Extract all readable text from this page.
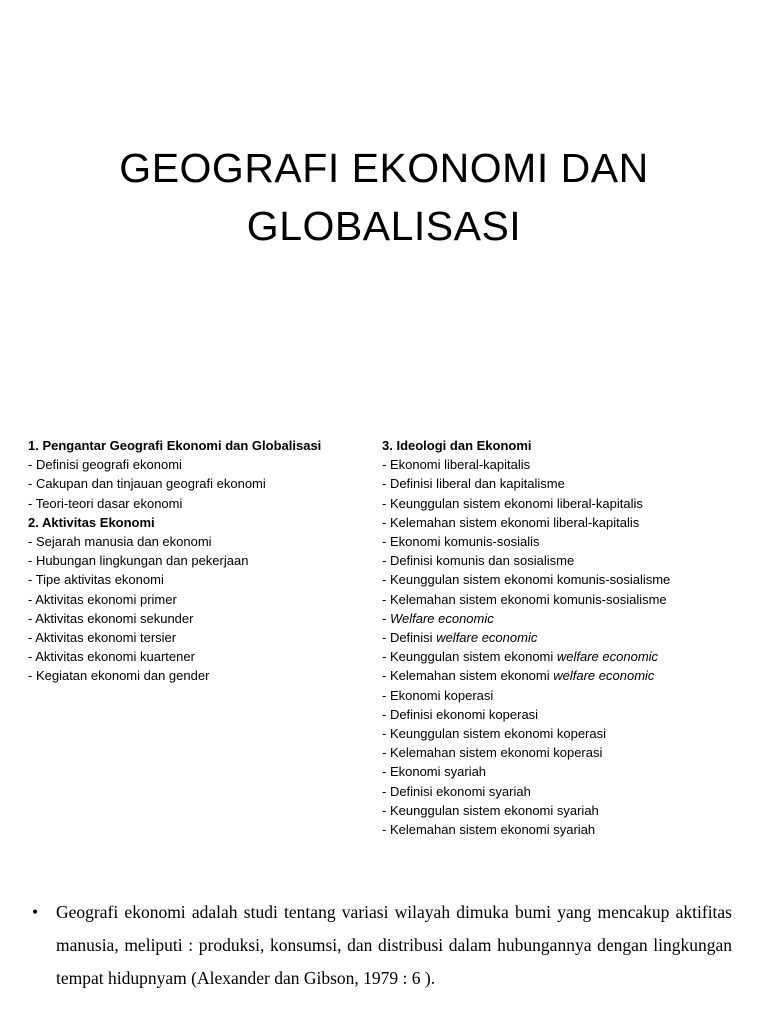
GEOGRAFI EKONOMI DAN
GLOBALISASI
1. Pengantar Geografi Ekonomi dan Globalisasi
- Definisi geografi ekonomi
- Cakupan dan tinjauan geografi ekonomi
- Teori-teori dasar ekonomi
2. Aktivitas Ekonomi
- Sejarah manusia dan ekonomi
- Hubungan lingkungan dan pekerjaan
- Tipe aktivitas ekonomi
- Aktivitas ekonomi primer
- Aktivitas ekonomi sekunder
- Aktivitas ekonomi tersier
- Aktivitas ekonomi kuartener
- Kegiatan ekonomi dan gender
3. Ideologi dan Ekonomi
- Ekonomi liberal-kapitalis
- Definisi liberal dan kapitalisme
- Keunggulan sistem ekonomi liberal-kapitalis
- Kelemahan sistem ekonomi liberal-kapitalis
- Ekonomi komunis-sosialis
- Definisi komunis dan sosialisme
- Keunggulan sistem ekonomi komunis-sosialisme
- Kelemahan sistem ekonomi komunis-sosialisme
- Welfare economic
- Definisi welfare economic
- Keunggulan sistem ekonomi welfare economic
- Kelemahan sistem ekonomi welfare economic
- Ekonomi koperasi
- Definisi ekonomi koperasi
- Keunggulan sistem ekonomi koperasi
- Kelemahan sistem ekonomi koperasi
- Ekonomi syariah
- Definisi ekonomi syariah
- Keunggulan sistem ekonomi syariah
- Kelemahan sistem ekonomi syariah
• Geografi ekonomi adalah studi tentang variasi wilayah dimuka bumi yang mencakup aktifitas manusia, meliputi : produksi, konsumsi, dan distribusi dalam hubungannya dengan lingkungan tempat hidupnyam (Alexander dan Gibson, 1979 : 6 ).
